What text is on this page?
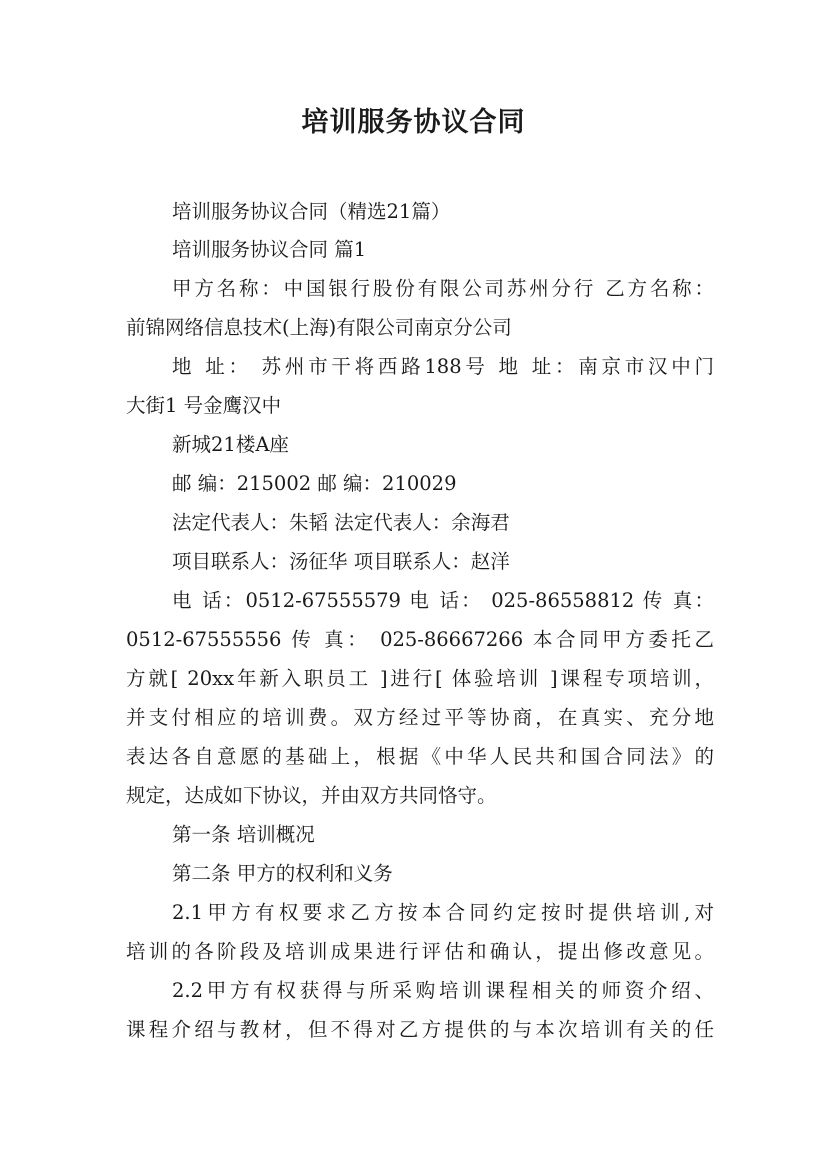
培训服务协议合同
培训服务协议合同（精选21篇）
培训服务协议合同 篇1
甲方名称：中国银行股份有限公司苏州分行 乙方名称：
前锦网络信息技术(上海)有限公司南京分公司
地 址： 苏州市干将西路188号 地 址：南京市汉中门
大街1 号金鹰汉中
新城21楼A座
邮 编：215002 邮 编：210029
法定代表人：朱韬 法定代表人：余海君
项目联系人：汤征华 项目联系人：赵洋
电 话：0512-67555579 电 话： 025-86558812 传 真：
0512-67555556 传 真： 025-86667266 本合同甲方委托乙
方就[ 20xx年新入职员工 ]进行[ 体验培训 ]课程专项培训，
并支付相应的培训费。双方经过平等协商，在真实、充分地
表达各自意愿的基础上，根据《中华人民共和国合同法》的
规定，达成如下协议，并由双方共同恪守。
第一条 培训概况
第二条 甲方的权利和义务
2.1甲方有权要求乙方按本合同约定按时提供培训,对
培训的各阶段及培训成果进行评估和确认，提出修改意见。
2.2甲方有权获得与所采购培训课程相关的师资介绍、
课程介绍与教材，但不得对乙方提供的与本次培训有关的任
